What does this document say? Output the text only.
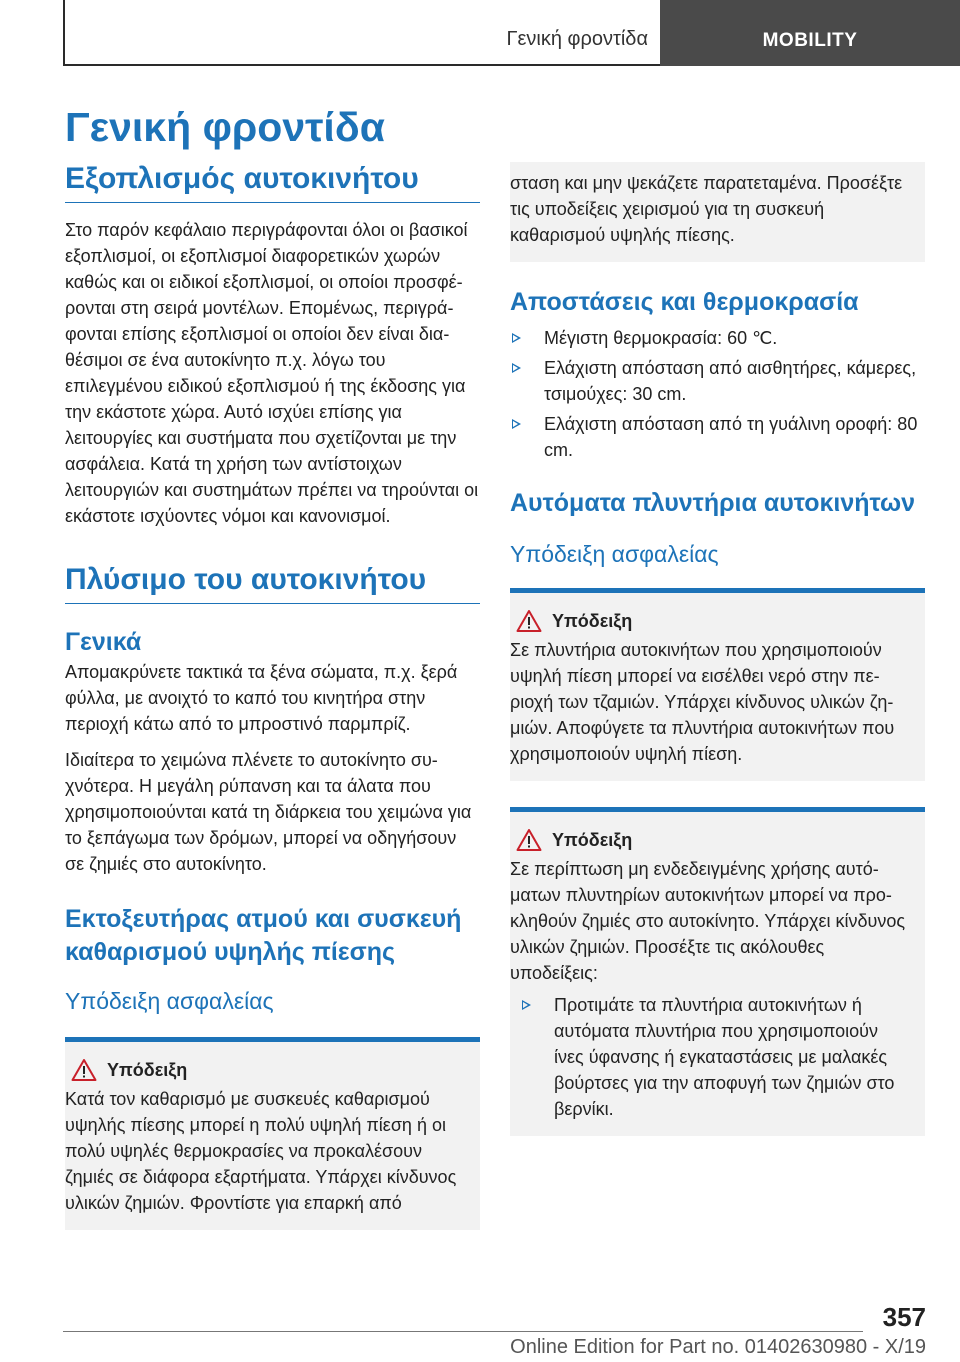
Γενική φροντίδα	MOBILITY
Γενική φροντίδα
Εξοπλισμός αυτοκινήτου

Στο παρόν κεφάλαιο περιγράφονται όλοι οι βασικοί εξοπλισμοί, οι εξοπλισμοί διαφορετικών χωρών καθώς και οι ειδικοί εξοπλισμοί, οι οποίοι προσφέρονται στη σειρά μοντέλων. Επομένως, περιγράφονται επίσης εξοπλισμοί οι οποίοι δεν είναι διαθέσιμοι σε ένα αυτοκίνητο π.χ. λόγω του επιλεγμένου ειδικού εξοπλισμού ή της έκδοσης για την εκάστοτε χώρα. Αυτό ισχύει επίσης για λειτουργίες και συστήματα που σχετίζονται με την ασφάλεια. Κατά τη χρήση των αντίστοιχων λειτουργιών και συστημάτων πρέπει να τηρούνται οι εκάστοτε ισχύοντες νόμοι και κανονισμοί.

Πλύσιμο του αυτοκινήτου
Γενικά

Απομακρύνετε τακτικά τα ξένα σώματα, π.χ. ξερά φύλλα, με ανοιχτό το καπό του κινητήρα στην περιοχή κάτω από το μπροστινό παρμπρίζ.

Ιδιαίτερα το χειμώνα πλένετε το αυτοκίνητο συχνότερα. Η μεγάλη ρύπανση και τα άλατα που χρησιμοποιούνται κατά τη διάρκεια του χειμώνα για το ξεπάγωμα των δρόμων, μπορεί να οδηγήσουν σε ζημιές στο αυτοκίνητο.

Εκτοξευτήρας ατμού και συσκευή καθαρισμού υψηλής πίεσης
Υπόδειξη ασφαλείας
Υπόδειξη

Κατά τον καθαρισμό με συσκευές καθαρισμού υψηλής πίεσης μπορεί η πολύ υψηλή πίεση ή οι πολύ υψηλές θερμοκρασίες να προκαλέσουν ζημιές σε διάφορα εξαρτήματα. Υπάρχει κίνδυνος υλικών ζημιών. Φροντίστε για επαρκή από

σταση και μην ψεκάζετε παρατεταμένα. Προσέξτε τις υποδείξεις χειρισμού για τη συσκευή καθαρισμού υψηλής πίεσης.

Αποστάσεις και θερμοκρασία
Μέγιστη θερμοκρασία: 60 ℃.
Ελάχιστη απόσταση από αισθητήρες, κάμερες, τσιμούχες: 30 cm.
Ελάχιστη απόσταση από τη γυάλινη οροφή: 80 cm.
Αυτόματα πλυντήρια αυτοκινήτων
Υπόδειξη ασφαλείας
Υπόδειξη

Σε πλυντήρια αυτοκινήτων που χρησιμοποιούν υψηλή πίεση μπορεί να εισέλθει νερό στην περιοχή των τζαμιών. Υπάρχει κίνδυνος υλικών ζημιών. Αποφύγετε τα πλυντήρια αυτοκινήτων που χρησιμοποιούν υψηλή πίεση.

Υπόδειξη

Σε περίπτωση μη ενδεδειγμένης χρήσης αυτόματων πλυντηρίων αυτοκινήτων μπορεί να προκληθούν ζημιές στο αυτοκίνητο. Υπάρχει κίνδυνος υλικών ζημιών. Προσέξτε τις ακόλουθες υποδείξεις:

Προτιμάτε τα πλυντήρια αυτοκινήτων ή αυτόματα πλυντήρια που χρησιμοποιούν ίνες ύφανσης ή εγκαταστάσεις με μαλακές βούρτσες για την αποφυγή των ζημιών στο βερνίκι.
357
Online Edition for Part no. 01402630980 - X/19
